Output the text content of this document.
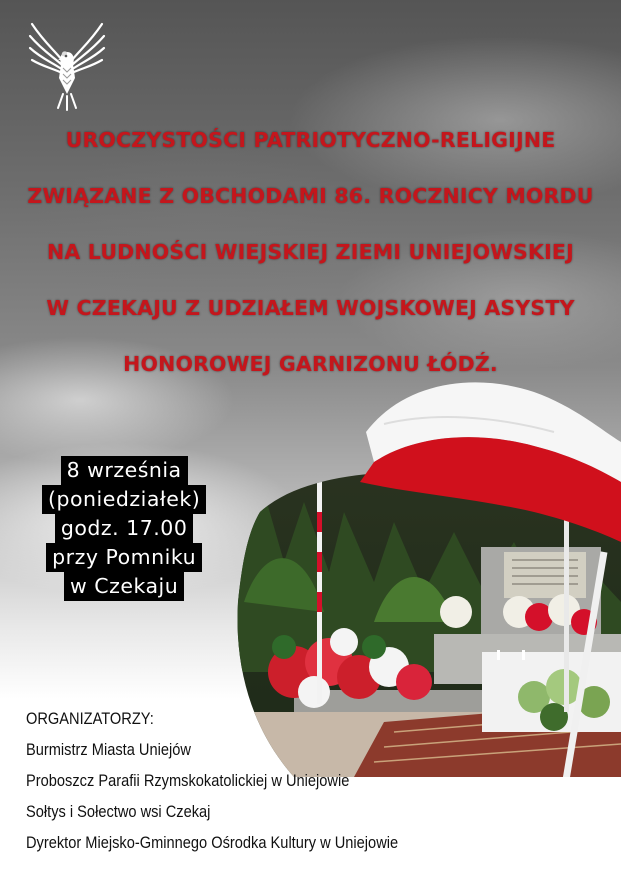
UROCZYSTOŚCI PATRIOTYCZNO-RELIGIJNE

ZWIĄZANE Z OBCHODAMI 86. ROCZNICY MORDU

NA LUDNOŚCI WIEJSKIEJ ZIEMI UNIEJOWSKIEJ

W CZEKAJU Z UDZIAŁEM WOJSKOWEJ ASYSTY

HONOROWEJ GARNIZONU ŁÓDŹ.

8 września
(poniedziałek)
godz. 17.00
przy Pomniku
w Czekaju

ORGANIZATORZY:

Burmistrz Miasta Uniejów

Proboszcz Parafii Rzymskokatolickiej w Uniejowie

Sołtys i Sołectwo wsi Czekaj

Dyrektor Miejsko-Gminnego Ośrodka Kultury w Uniejowie
